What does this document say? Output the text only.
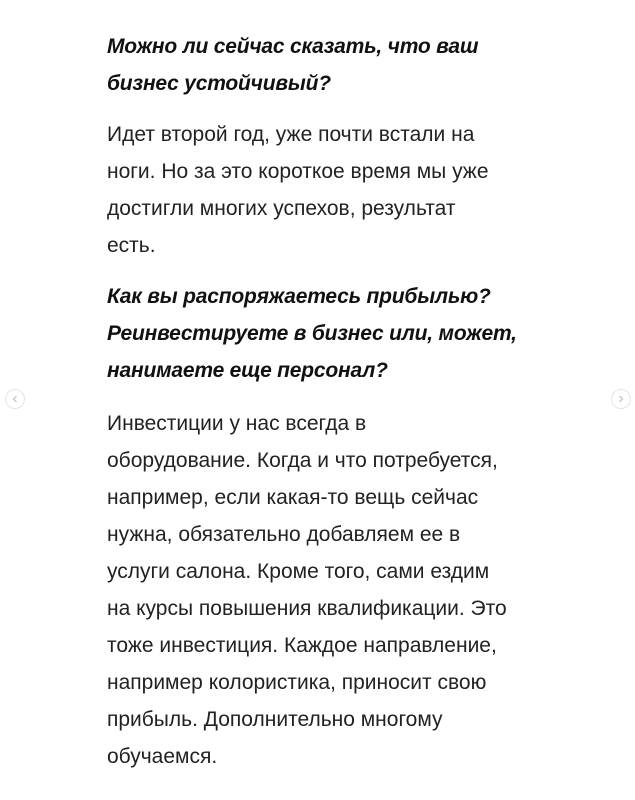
Можно ли сейчас сказать, что ваш
бизнес устойчивый?

Идет второй год, уже почти встали на
ноги. Но за это короткое время мы уже
достигли многих успехов, результат
есть.

Как вы распоряжаетесь прибылью?
Реинвестируете в бизнес или, может,
нанимаете еще персонал?

Инвестиции у нас всегда в
оборудование. Когда и что потребуется,
например, если какая-то вещь сейчас
нужна, обязательно добавляем ее в
услуги салона. Кроме того, сами ездим
на курсы повышения квалификации. Это
тоже инвестиция. Каждое направление,
например колористика, приносит свою
прибыль. Дополнительно многому
обучаемся.
